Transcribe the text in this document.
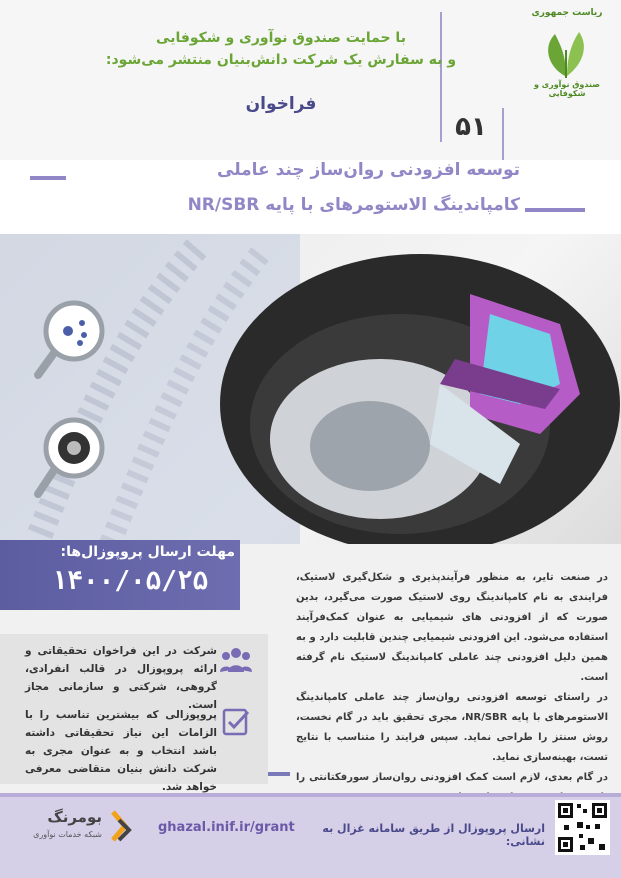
با حمایت صندوق نوآوری و شکوفایی
و به سفارش یک شرکت دانش‌بنیان منتشر می‌شود:
فراخوان
۵۱
ریاست جمهوری
صندوق نوآوری و شکوفایی
توسعه افزودنی روان‌ساز چند عاملی
کامپاندینگ الاستومرهای با پایه NR/SBR
مهلت ارسال پروپوزال‌ها:
۱۴۰۰/۰۵/۲۵	در صنعت تایر، به منظور فرآیندپذیری و شکل‌گیری لاستیک، فرایندی به نام کامپاندینگ روی لاستیک صورت می‌گیرد، بدین صورت که از افزودنی های شیمیایی به عنوان کمک‌فرآیند استفاده می‌شود. این افزودنی شیمیایی چندین قابلیت دارد و به همین دلیل افزودنی چند عاملی کامپاندینگ لاستیک نام گرفته است.

در راستای توسعه افزودنی روان‌ساز چند عاملی کامپاندینگ الاستومرهای با پایه NR/SBR، مجری تحقیق باید در گام نخست، روش سنتز را طراحی نماید. سپس فرایند را متناسب با نتایج تست، بهینه‌سازی نماید.

در گام بعدی، لازم است کمک افزودنی روان‌ساز سورفکتانتی را

شرکت در این فراخوان تحقیقاتی و ارائه پروپوزال در قالب انفرادی، گروهی، شرکتی و سازمانی مجاز است.
پروپوزالی که بیشترین تناسب را با الزامات این نیاز تحقیقاتی داشته باشد انتخاب و به عنوان مجری به شرکت دانش بنیان متقاضی معرفی خواهد شد.
ارسال پروپوزال از طریق سامانه غزال به نشانی:
ghazal.inif.ir/grant
بومرنگ
شبکه خدمات نوآوری
